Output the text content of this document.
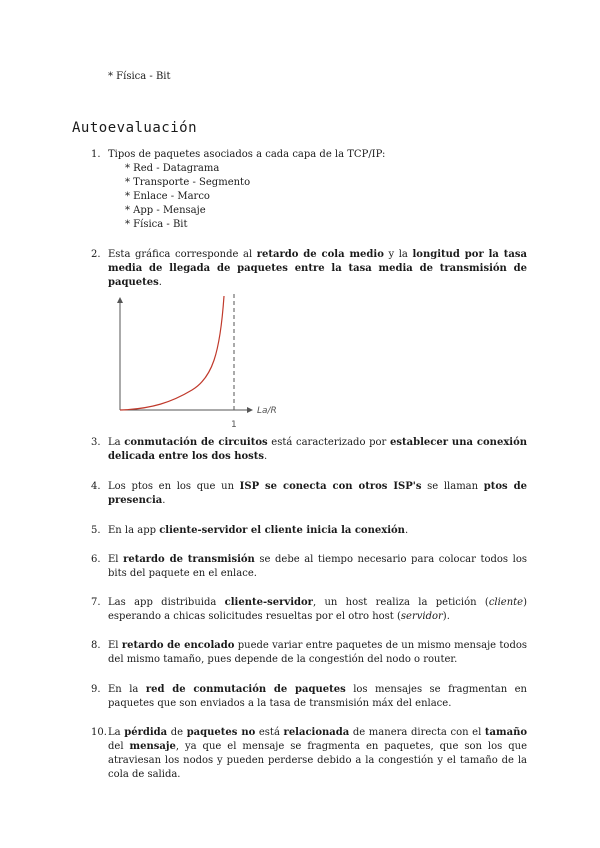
* Física - Bit
Autoevaluación
1. Tipos de paquetes asociados a cada capa de la TCP/IP:
* Red - Datagrama
* Transporte - Segmento
* Enlace - Marco
* App - Mensaje
* Física - Bit
2. Esta gráfica corresponde al retardo de cola medio y la longitud por la tasa media de llegada de paquetes entre la tasa media de transmisión de paquetes.
La/R
1
3. La conmutación de circuitos está caracterizado por establecer una conexión delicada entre los dos hosts.
4. Los ptos en los que un ISP se conecta con otros ISP's se llaman ptos de presencia.
5. En la app cliente-servidor el cliente inicia la conexión.
6. El retardo de transmisión se debe al tiempo necesario para colocar todos los bits del paquete en el enlace.
7. Las app distribuida cliente-servidor, un host realiza la petición (cliente) esperando a chicas solicitudes resueltas por el otro host (servidor).
8. El retardo de encolado puede variar entre paquetes de un mismo mensaje todos del mismo tamaño, pues depende de la congestión del nodo o router.
9. En la red de conmutación de paquetes los mensajes se fragmentan en paquetes que son enviados a la tasa de transmisión máx del enlace.
10. La pérdida de paquetes no está relacionada de manera directa con el tamaño del mensaje, ya que el mensaje se fragmenta en paquetes, que son los que atraviesan los nodos y pueden perderse debido a la congestión y el tamaño de la cola de salida.
